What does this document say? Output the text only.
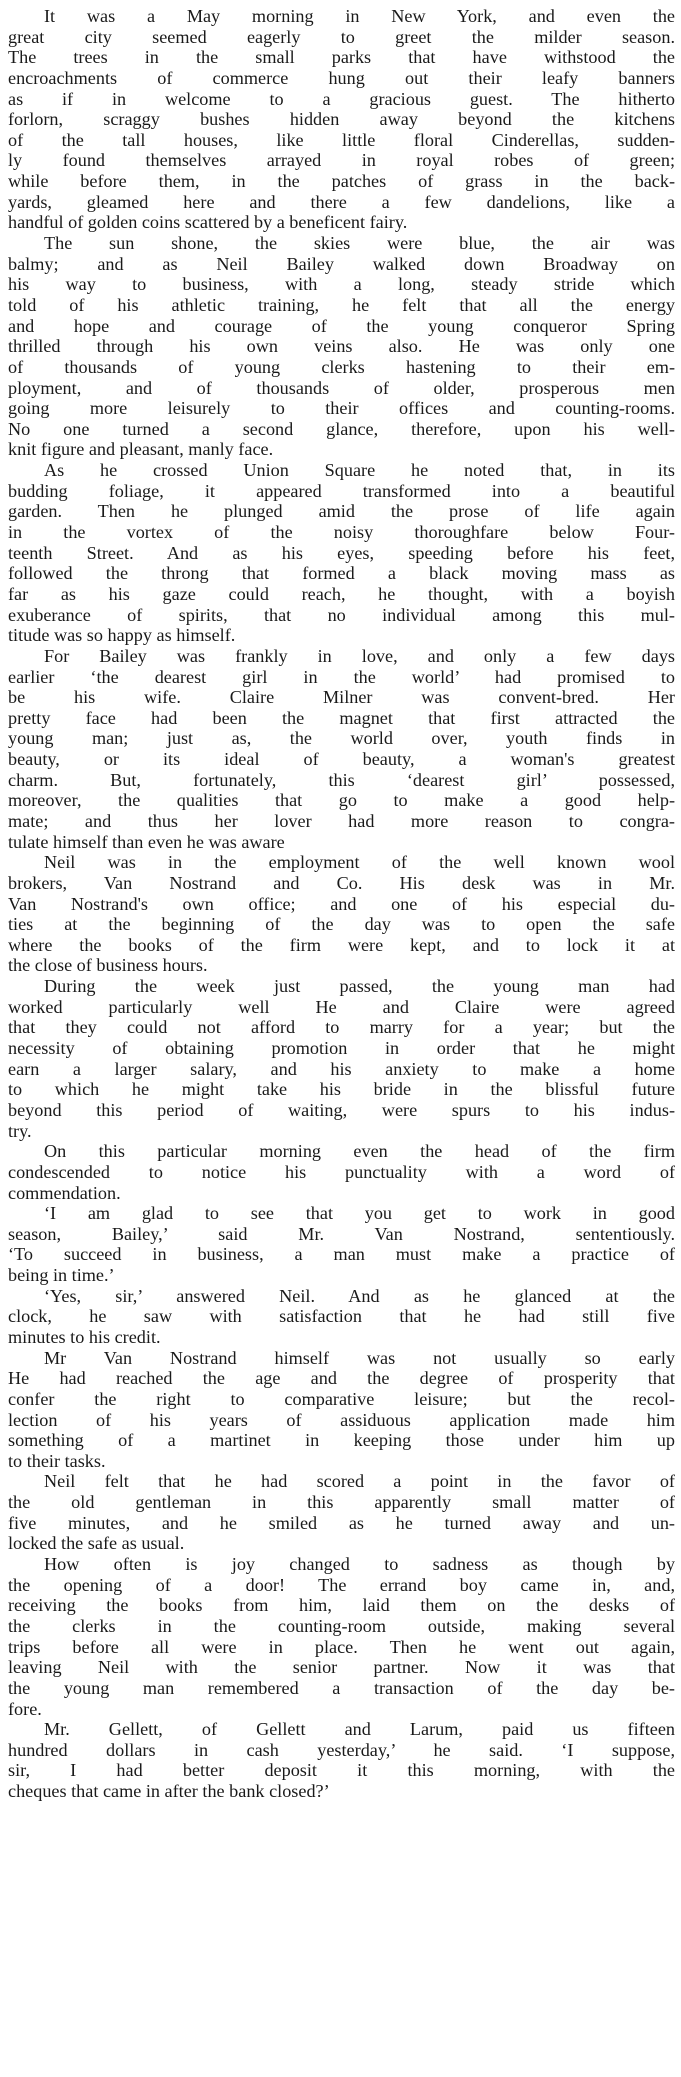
It was a May morning in New York, and even the
great city seemed eagerly to greet the milder season.
The trees in the small parks that have withstood the
encroachments of commerce hung out their leafy banners
as if in welcome to a gracious guest. The hitherto
forlorn, scraggy bushes hidden away beyond the kitchens
of the tall houses, like little floral Cinderellas, sudden-
ly found themselves arrayed in royal robes of green;
while before them, in the patches of grass in the back-
yards, gleamed here and there a few dandelions, like a
handful of golden coins scattered by a beneficent fairy.
The sun shone, the skies were blue, the air was
balmy; and as Neil Bailey walked down Broadway on
his way to business, with a long, steady stride which
told of his athletic training, he felt that all the energy
and hope and courage of the young conqueror Spring
thrilled through his own veins also. He was only one
of thousands of young clerks hastening to their em-
ployment, and of thousands of older, prosperous men
going more leisurely to their offices and counting-rooms.
No one turned a second glance, therefore, upon his well-
knit figure and pleasant, manly face.
As he crossed Union Square he noted that, in its
budding foliage, it appeared transformed into a beautiful
garden. Then he plunged amid the prose of life again
in the vortex of the noisy thoroughfare below Four-
teenth Street. And as his eyes, speeding before his feet,
followed the throng that formed a black moving mass as
far as his gaze could reach, he thought, with a boyish
exuberance of spirits, that no individual among this mul-
titude was so happy as himself.
For Bailey was frankly in love, and only a few days
earlier ‘the dearest girl in the world’ had promised to
be his wife. Claire Milner was convent-bred. Her
pretty face had been the magnet that first attracted the
young man; just as, the world over, youth finds in
beauty, or its ideal of beauty, a woman's greatest
charm. But, fortunately, this ‘dearest girl’ possessed,
moreover, the qualities that go to make a good help-
mate; and thus her lover had more reason to congra-
tulate himself than even he was aware
Neil was in the employment of the well known wool
brokers, Van Nostrand and Co. His desk was in Mr.
Van Nostrand's own office; and one of his especial du-
ties at the beginning of the day was to open the safe
where the books of the firm were kept, and to lock it at
the close of business hours.
During the week just passed, the young man had
worked particularly well He and Claire were agreed
that they could not afford to marry for a year; but the
necessity of obtaining promotion in order that he might
earn a larger salary, and his anxiety to make a home
to which he might take his bride in the blissful future
beyond this period of waiting, were spurs to his indus-
try.
On this particular morning even the head of the firm
condescended to notice his punctuality with a word of
commendation.
‘I am glad to see that you get to work in good
season, Bailey,’ said Mr. Van Nostrand, sententiously.
‘To succeed in business, a man must make a practice of
being in time.’
‘Yes, sir,’ answered Neil. And as he glanced at the
clock, he saw with satisfaction that he had still five
minutes to his credit.
Mr Van Nostrand himself was not usually so early
He had reached the age and the degree of prosperity that
confer the right to comparative leisure; but the recol-
lection of his years of assiduous application made him
something of a martinet in keeping those under him up
to their tasks.
Neil felt that he had scored a point in the favor of
the old gentleman in this apparently small matter of
five minutes, and he smiled as he turned away and un-
locked the safe as usual.
How often is joy changed to sadness as though by
the opening of a door! The errand boy came in, and,
receiving the books from him, laid them on the desks of
the clerks in the counting-room outside, making several
trips before all were in place. Then he went out again,
leaving Neil with the senior partner. Now it was that
the young man remembered a transaction of the day be-
fore.
Mr. Gellett, of Gellett and Larum, paid us fifteen
hundred dollars in cash yesterday,’ he said. ‘I suppose,
sir, I had better deposit it this morning, with the
cheques that came in after the bank closed?’
